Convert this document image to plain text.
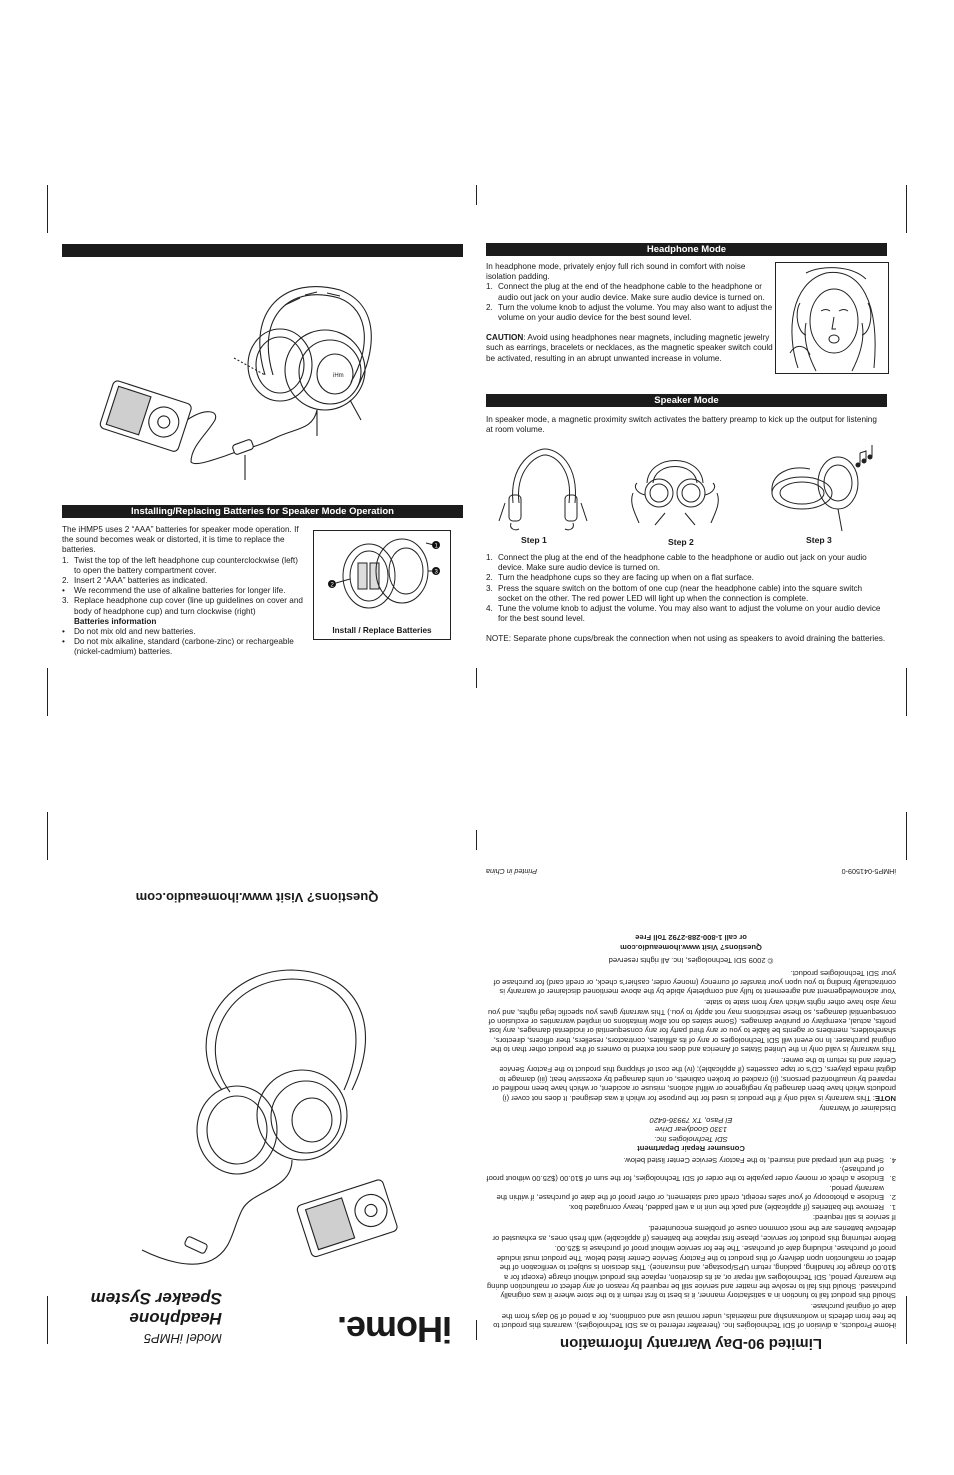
iHm
Installing/Replacing Batteries for Speaker Mode Operation

The iHMP5 uses 2 “AAA” batteries for speaker mode operation. If the sound becomes weak or distorted, it is time to replace the batteries.

1. Twist the top of the left headphone cup counterclockwise (left) to open the battery compartment cover.
2. Insert 2 “AAA” batteries as indicated.
•	We recommend the use of alkaline batteries for longer life.
3. Replace headphone cup cover (line up guidelines on cover and body of headphone cup) and turn clockwise (right)
Batteries information
•	Do not mix old and new batteries.
•	Do not mix alkaline, standard (carbone-zinc) or rechargeable (nickel-cadmium) batteries.
1
3
2
Install / Replace Batteries
Headphone Mode

In headphone mode, privately enjoy full rich sound in comfort with noise isolation padding.

1. Connect the plug at the end of the headphone cable to the headphone or audio out jack on your audio device. Make sure audio device is turned on.
2. Turn the volume knob to adjust the volume. You may also want to adjust the volume on your audio device for the best sound level.

CAUTION: Avoid using headphones near magnets, including magnetic jewelry such as earrings, bracelets or necklaces, as the magnetic speaker switch could be activated, resulting in an abrupt unwanted increase in volume.

Speaker Mode
In speaker mode, a magnetic proximity switch activates the battery preamp to kick up the output for listening at room volume.
Step 1	Step 2	Step 3
1. Connect the plug at the end of the headphone cable to the headphone or audio out jack on your audio device. Make sure audio device is turned on.
2. Turn the headphone cups so they are facing up when on a flat surface.
3. Press the square switch on the bottom of one cup (near the headphone cable) into the square switch socket on the other. The red power LED will light up when the connection is complete.
4. Tune the volume knob to adjust the volume. You may also want to adjust the volume on your audio device for the best sound level.

NOTE: Separate phone cups/break the connection when not using as speakers to avoid draining the batteries.

iHome.
Model iHMP5
Headphone
Speaker System
Questions? Visit www.ihomeaudio.com
iHMP5-041509-0
Printed in China
Limited 90-Day Warranty Information

iHome Products, a division of SDI Technologies Inc. (hereafter referred to as SDI Technologies), warrants this product to be free from defects in workmanship and materials, under normal use and conditions, for a period of 90 days from the date of original purchase.

Should this product fail to function in a satisfactory manner, it is best to first return it to the store where it was originally purchased. Should this fail to resolve the matter and service still be required by reason of any defect or malfunction during the warranty period, SDI Technologies will repair or, at its discretion, replace this product without charge (except for a $10.00 charge for handling, packing, return UPS/postage, and insurance). This decision is subject to verification of the defect or malfunction upon delivery of this product to the Factory Service Center listed below. The product must include proof of purchase, including date of purchase. The fee for service without proof of purchase is $25.00.

Before returning this product for service, please first replace the batteries (if applicable) with fresh ones, as exhausted or defective batteries are the most common cause of problems encountered.

If service is still required:

1.
Remove the batteries (if applicable) and pack the unit in a well padded, heavy corrugated box.
2.
Enclose a photocopy of your sales receipt, credit card statement, or other proof of the date of purchase, if within the warranty period.
3.
Enclose a check or money order payable to the order of SDI Technologies, for the sum of $10.00 ($25.00 without proof of purchase).
4.
Send the unit prepaid and insured, to the Factory Service Center listed below.
Consumer Repair Department
SDI Technologies Inc.
1330 Goodyear Drive
El Paso, TX 79936-6420

Disclaimer of Warranty

NOTE: This warranty is valid only if the product is used for the purpose for which it was designed. It does not cover (i) products which have been damaged by negligence or willful actions, misuse or accident, or which have been modified or repaired by unauthorized persons; (ii) cracked or broken cabinets, or units damaged by excessive heat; (iii) damage to digital media players, CD’s or tape cassettes (if applicable); (iv) the cost of shipping this product to the Factory Service Center and its return to the owner.

This warranty is valid only in the United States of America and does not extend to owners of the product other than to the original purchaser. In no event will SDI Technologies or any of its affiliates, contractors, resellers, their officers, directors, shareholders, members or agents be liable to you or any third party for any consequential or incidental damages, any lost profits, actual, exemplary or punitive damages. (Some states do not allow limitations on implied warranties or exclusion of consequential damages, so these restrictions may not apply to you.) This warranty gives you specific legal rights, and you may also have other rights which vary from state to state.

Your acknowledgement and agreement to fully and completely abide by the above mentioned disclaimer of warranty is contractually binding to you upon your transfer of currency (money order, cashier’s check, or credit card) for purchase of your SDI Technologies product.

© 2009 SDI Technologies, Inc. All rights reserved
Questions? Visit www.ihomeaudio.com
or call 1-800-288-2792 Toll Free
